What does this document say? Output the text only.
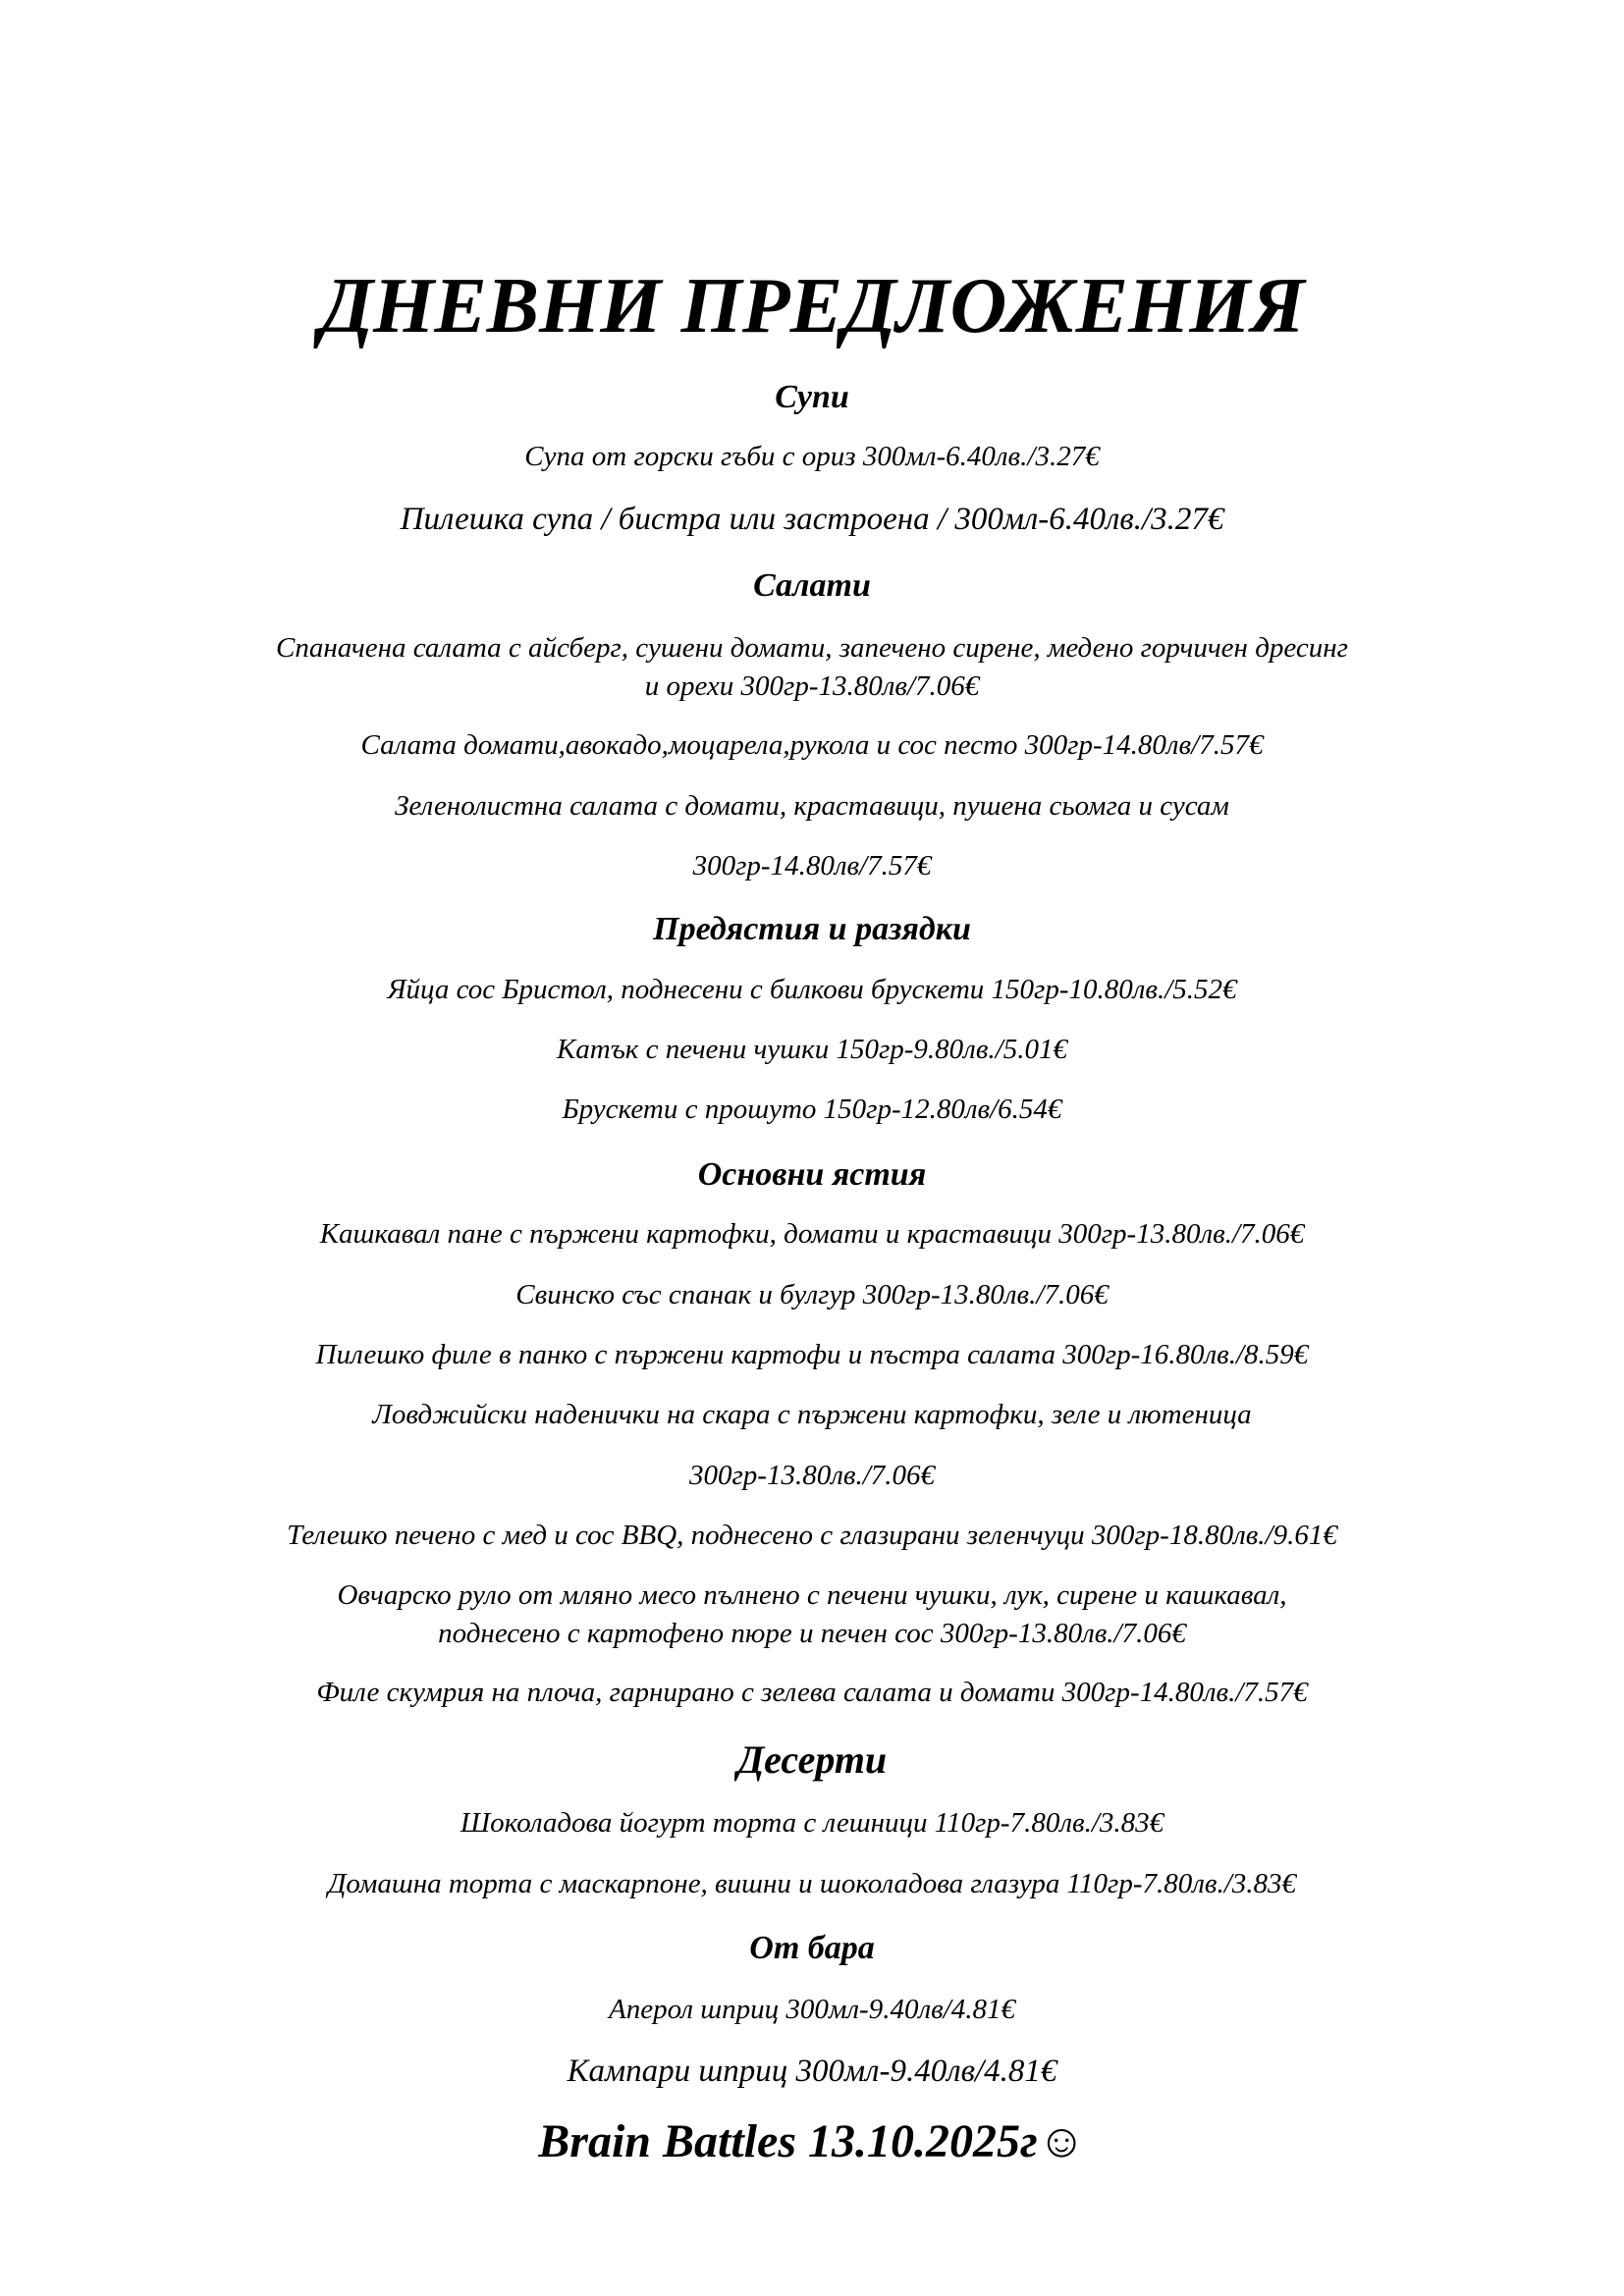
ДНЕВНИ ПРЕДЛОЖЕНИЯ
Супи
Супа от горски гъби с ориз 300мл-6.40лв./3.27€
Пилешка супа / бистра или застроена / 300мл-6.40лв./3.27€
Салати
Спаначена салата с айсберг, сушени домати, запечено сирене, медено горчичен дресинг
и орехи 300гр-13.80лв/7.06€
Салата домати,авокадо,моцарела,рукола и сос песто 300гр-14.80лв/7.57€
Зеленолистна салата с домати, краставици, пушена сьомга и сусам
300гр-14.80лв/7.57€
Предястия и разядки
Яйца сос Бристол, поднесени с билкови брускети 150гр-10.80лв./5.52€
Катък с печени чушки 150гр-9.80лв./5.01€
Брускети с прошуто 150гр-12.80лв/6.54€
Основни ястия
Кашкавал пане с пържени картофки, домати и краставици 300гр-13.80лв./7.06€
Свинско със спанак и булгур 300гр-13.80лв./7.06€
Пилешко филе в панко с пържени картофи и пъстра салата 300гр-16.80лв./8.59€
Ловджийски наденички на скара с пържени картофки, зеле и лютеница
300гр-13.80лв./7.06€
Телешко печено с мед и сос BBQ, поднесено с глазирани зеленчуци 300гр-18.80лв./9.61€
Овчарско руло от мляно месо пълнено с печени чушки, лук, сирене и кашкавал,
поднесено с картофено пюре и печен сос 300гр-13.80лв./7.06€
Филе скумрия на плоча, гарнирано с зелева салата и домати 300гр-14.80лв./7.57€
Десерти
Шоколадова йогурт торта с лешници 110гр-7.80лв./3.83€
Домашна торта с маскарпоне, вишни и шоколадова глазура 110гр-7.80лв./3.83€
От бара
Аперол шприц 300мл-9.40лв/4.81€
Кампари шприц 300мл-9.40лв/4.81€
Brain Battles 13.10.2025г☺
